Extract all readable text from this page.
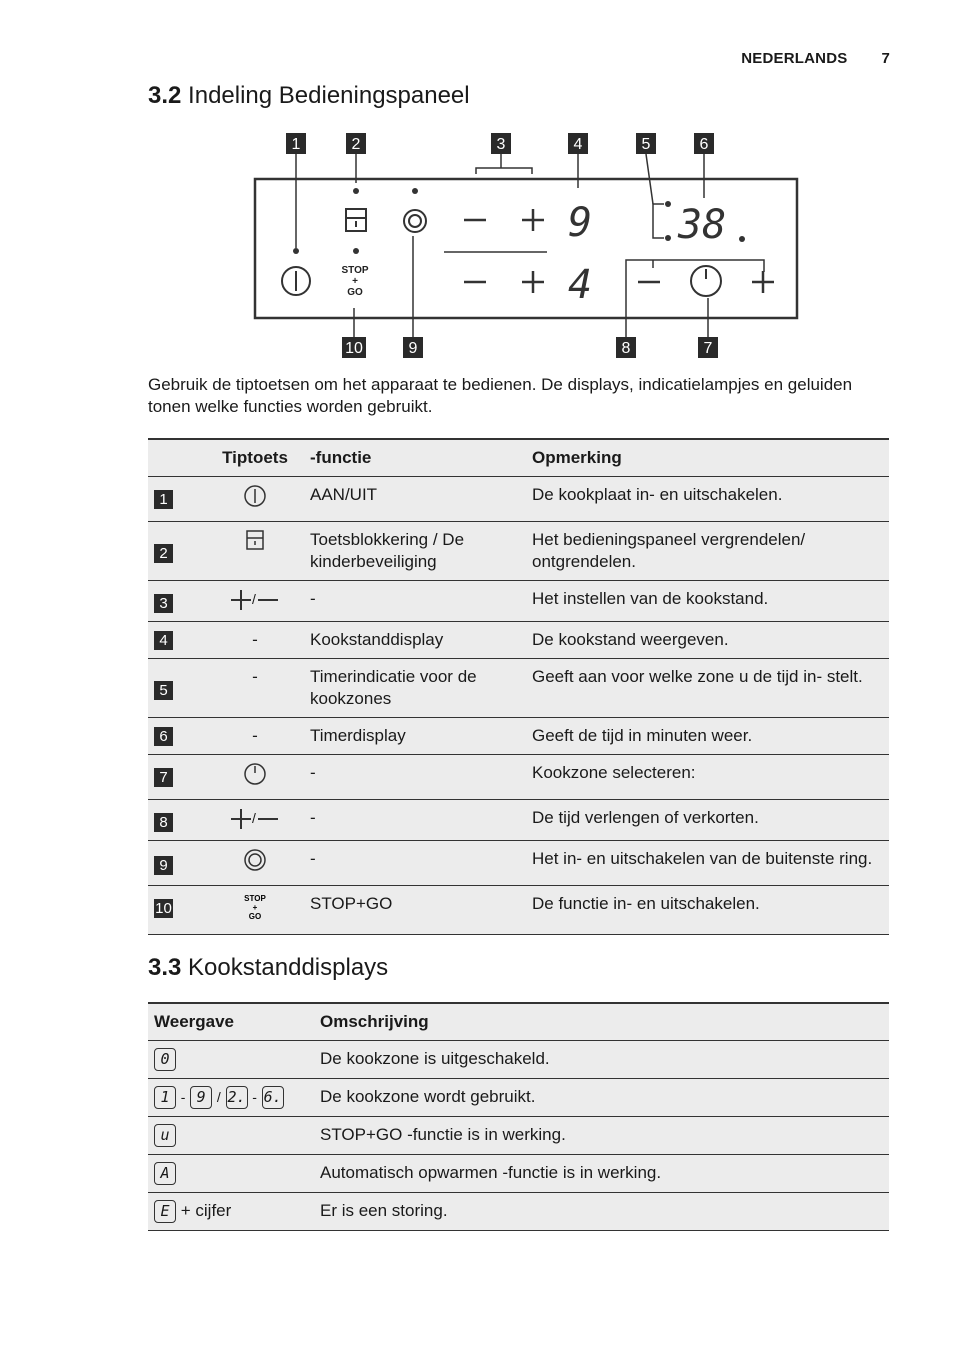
NEDERLANDS 7
3.2 Indeling Bedieningspaneel
1	2	3	4	5	6
10	9	8	7
STOP
+
GO
9
4
38
Gebruik de tiptoetsen om het apparaat te bedienen. De displays, indicatielampjes en geluiden tonen welke functies worden gebruikt.
	Tiptoets	-functie	Opmerking
1		AAN/UIT	De kookplaat in- en uitschakelen.
2		Toetsblokkering / De kinderbeveiliging	Het bedieningspaneel vergrendelen/ ontgrendelen.
3	/	-	Het instellen van de kookstand.
4	-	Kookstanddisplay	De kookstand weergeven.
5	-	Timerindicatie voor de kookzones	Geeft aan voor welke zone u de tijd in- stelt.
6	-	Timerdisplay	Geeft de tijd in minuten weer.
7		-	Kookzone selecteren:
8	/	-	De tijd verlengen of verkorten.
9		-	Het in- en uitschakelen van de buitenste ring.
10	STOP
+
GO	STOP+GO	De functie in- en uitschakelen.
3.3 Kookstanddisplays
Weergave	Omschrijving
0	De kookzone is uitgeschakeld.
1 - 9 / 2. - 6.	De kookzone wordt gebruikt.
u	STOP+GO -functie is in werking.
A	Automatisch opwarmen -functie is in werking.
E + cijfer	Er is een storing.
